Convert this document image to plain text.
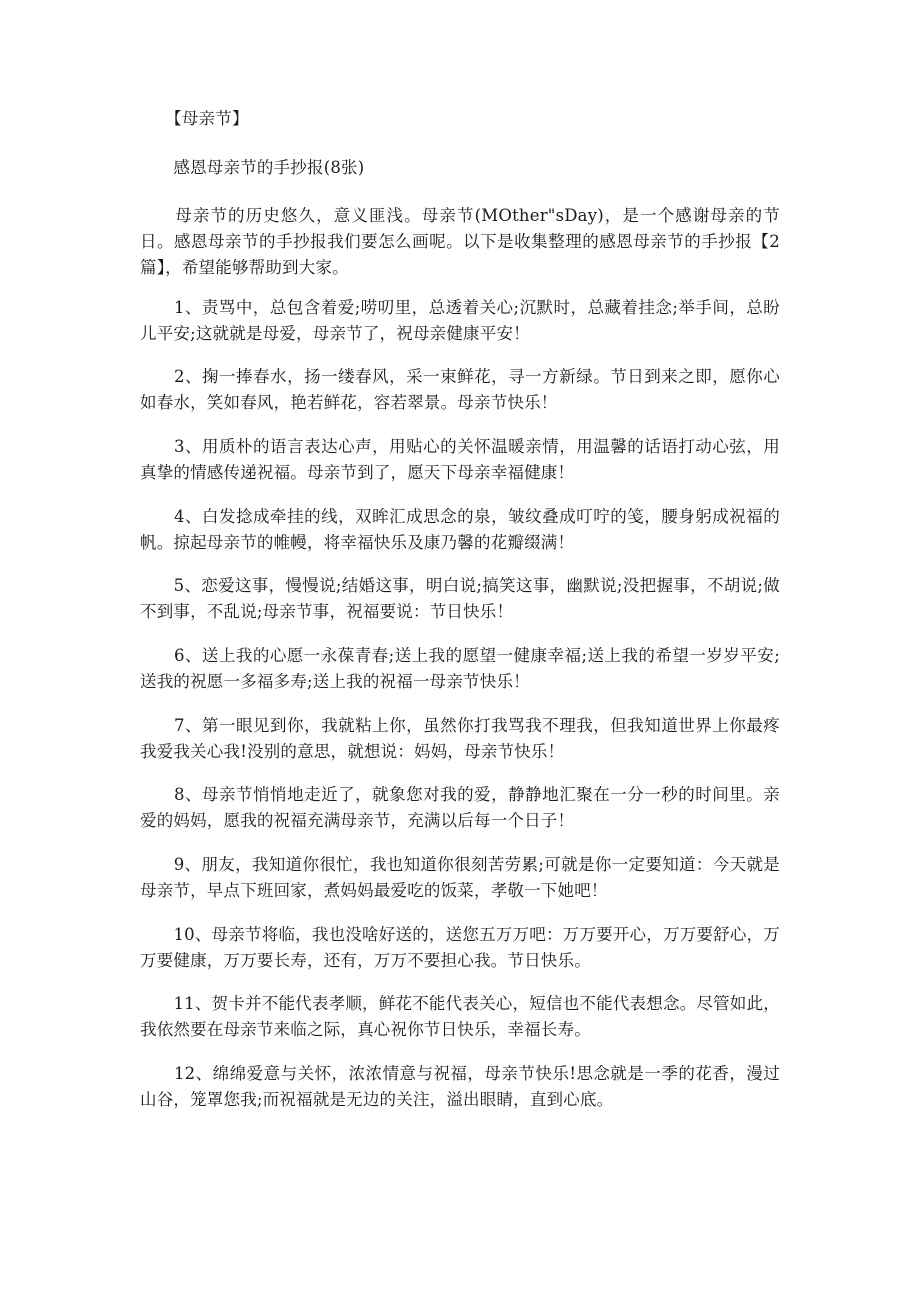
　　【母亲节】
　　感恩母亲节的手抄报(8张)
　　母亲节的历史悠久，意义匪浅。母亲节(MOther"sDay)，是一个感谢母亲的节日。感恩母亲节的手抄报我们要怎么画呢。以下是收集整理的感恩母亲节的手抄报【2篇】，希望能够帮助到大家。
　　1、责骂中，总包含着爱;唠叨里，总透着关心;沉默时，总藏着挂念;举手间，总盼儿平安;这就就是母爱，母亲节了，祝母亲健康平安！
　　2、掬一捧春水，扬一缕春风，采一束鲜花，寻一方新绿。节日到来之即，愿你心如春水，笑如春风，艳若鲜花，容若翠景。母亲节快乐！
　　3、用质朴的语言表达心声，用贴心的关怀温暖亲情，用温馨的话语打动心弦，用真挚的情感传递祝福。母亲节到了，愿天下母亲幸福健康！
　　4、白发捻成牵挂的线，双眸汇成思念的泉，皱纹叠成叮咛的笺，腰身躬成祝福的帆。掠起母亲节的帷幔，将幸福快乐及康乃馨的花瓣缀满！
　　5、恋爱这事，慢慢说;结婚这事，明白说;搞笑这事，幽默说;没把握事，不胡说;做不到事，不乱说;母亲节事，祝福要说：节日快乐！
　　6、送上我的心愿一永葆青春;送上我的愿望一健康幸福;送上我的希望一岁岁平安;送我的祝愿一多福多寿;送上我的祝福一母亲节快乐！
　　7、第一眼见到你，我就粘上你，虽然你打我骂我不理我，但我知道世界上你最疼我爱我关心我!没别的意思，就想说：妈妈，母亲节快乐！
　　8、母亲节悄悄地走近了，就象您对我的爱，静静地汇聚在一分一秒的时间里。亲爱的妈妈，愿我的祝福充满母亲节，充满以后每一个日子！
　　9、朋友，我知道你很忙，我也知道你很刻苦劳累;可就是你一定要知道：今天就是母亲节，早点下班回家，煮妈妈最爱吃的饭菜，孝敬一下她吧！
　　10、母亲节将临，我也没啥好送的，送您五万万吧：万万要开心，万万要舒心，万万要健康，万万要长寿，还有，万万不要担心我。节日快乐。
　　11、贺卡并不能代表孝顺，鲜花不能代表关心，短信也不能代表想念。尽管如此，我依然要在母亲节来临之际，真心祝你节日快乐，幸福长寿。
　　12、绵绵爱意与关怀，浓浓情意与祝福，母亲节快乐!思念就是一季的花香，漫过山谷，笼罩您我;而祝福就是无边的关注，溢出眼睛，直到心底。
